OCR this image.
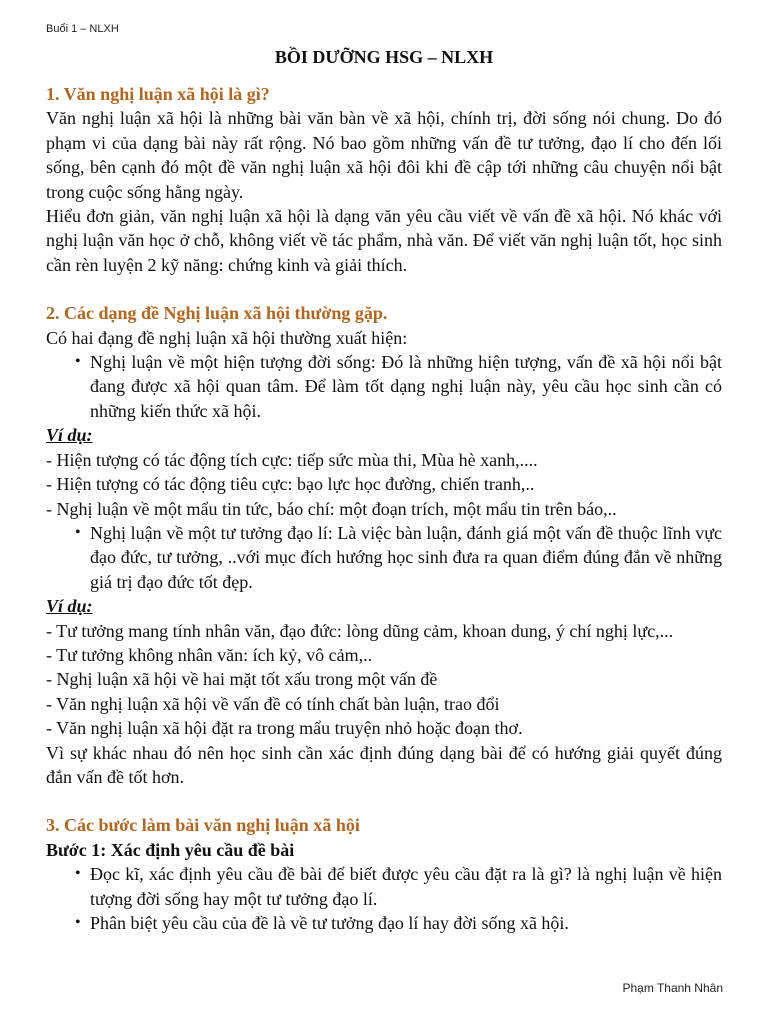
Buổi 1 – NLXH
BỒI DƯỠNG HSG – NLXH

1. Văn nghị luận xã hội là gì?

Văn nghị luận xã hội là những bài văn bàn về xã hội, chính trị, đời sống nói chung. Do đó phạm vi của dạng bài này rất rộng. Nó bao gồm những vấn đề tư tưởng, đạo lí cho đến lối sống, bên cạnh đó một đề văn nghị luận xã hội đôi khi đề cập tới những câu chuyện nổi bật trong cuộc sống hằng ngày.

Hiểu đơn giản, văn nghị luận xã hội là dạng văn yêu cầu viết về vấn đề xã hội. Nó khác với nghị luận văn học ở chỗ, không viết về tác phẩm, nhà văn. Để viết văn nghị luận tốt, học sinh cần rèn luyện 2 kỹ năng: chứng kinh và giải thích.

2. Các dạng đề Nghị luận xã hội thường gặp.

Có hai đạng đề nghị luận xã hội thường xuất hiện:

• Nghị luận về một hiện tượng đời sống: Đó là những hiện tượng, vấn đề xã hội nổi bật đang được xã hội quan tâm. Để làm tốt dạng nghị luận này, yêu cầu học sinh cần có những kiến thức xã hội.

Ví dụ:

- Hiện tượng có tác động tích cực: tiếp sức mùa thi, Mùa hè xanh,....

- Hiện tượng có tác động tiêu cực: bạo lực học đường, chiến tranh,..

- Nghị luận về một mẩu tin tức, báo chí: một đoạn trích, một mẩu tin trên báo,..

• Nghị luận về một tư tưởng đạo lí: Là việc bàn luận, đánh giá một vấn đề thuộc lĩnh vực đạo đức, tư tưởng, ..với mục đích hướng học sinh đưa ra quan điểm đúng đắn về những giá trị đạo đức tốt đẹp.

Ví dụ:

- Tư tưởng mang tính nhân văn, đạo đức: lòng dũng cảm, khoan dung, ý chí nghị lực,...

- Tư tưởng không nhân văn: ích kỷ, vô cảm,..

- Nghị luận xã hội về hai mặt tốt xấu trong một vấn đề

- Văn nghị luận xã hội về vấn đề có tính chất bàn luận, trao đổi

- Văn nghị luận xã hội đặt ra trong mẩu truyện nhỏ hoặc đoạn thơ.

Vì sự khác nhau đó nên học sinh cần xác định đúng dạng bài để có hướng giải quyết đúng đắn vấn đề tốt hơn.

3. Các bước làm bài văn nghị luận xã hội

Bước 1: Xác định yêu cầu đề bài

• Đọc kĩ, xác định yêu cầu đề bài để biết được yêu cầu đặt ra là gì? là nghị luận về hiện tượng đời sống hay một tư tưởng đạo lí.
• Phân biệt yêu cầu của đề là về tư tưởng đạo lí hay đời sống xã hội.
Phạm Thanh Nhân
